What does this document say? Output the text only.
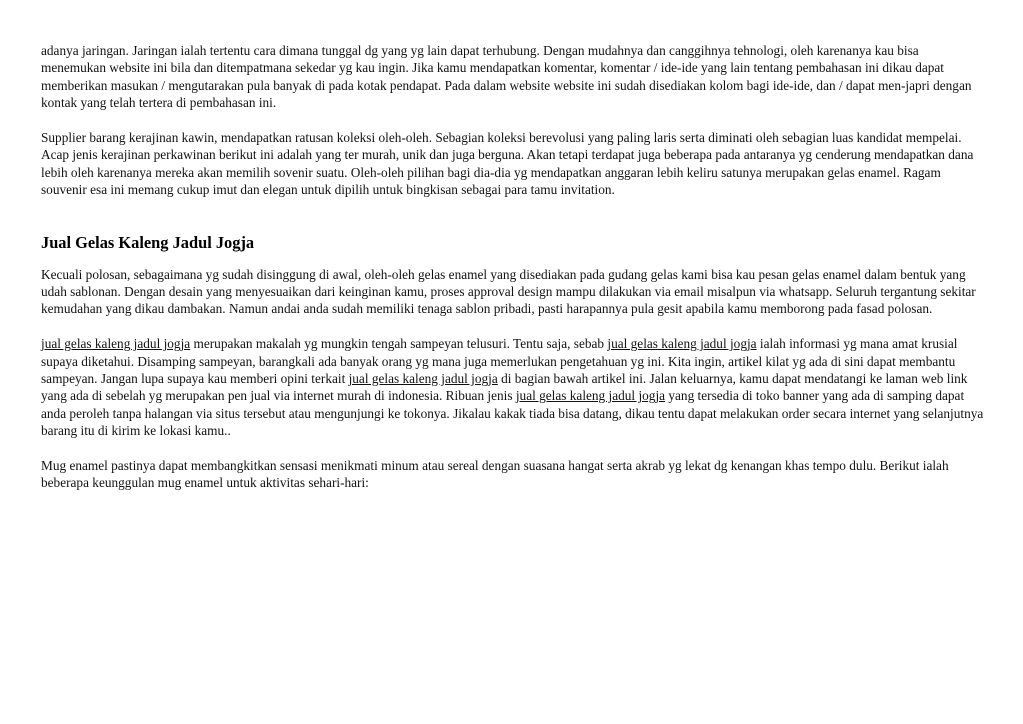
adanya jaringan. Jaringan ialah tertentu cara dimana tunggal dg yang yg lain dapat terhubung. Dengan mudahnya dan canggihnya tehnologi, oleh karenanya kau bisa menemukan website ini bila dan ditempatmana sekedar yg kau ingin. Jika kamu mendapatkan komentar, komentar / ide-ide yang lain tentang pembahasan ini dikau dapat memberikan masukan / mengutarakan pula banyak di pada kotak pendapat. Pada dalam website website ini sudah disediakan kolom bagi ide-ide, dan / dapat men-japri dengan kontak yang telah tertera di pembahasan ini.

Supplier barang kerajinan kawin, mendapatkan ratusan koleksi oleh-oleh. Sebagian koleksi berevolusi yang paling laris serta diminati oleh sebagian luas kandidat mempelai. Acap jenis kerajinan perkawinan berikut ini adalah yang ter murah, unik dan juga berguna. Akan tetapi terdapat juga beberapa pada antaranya yg cenderung mendapatkan dana lebih oleh karenanya mereka akan memilih sovenir suatu. Oleh-oleh pilihan bagi dia-dia yg mendapatkan anggaran lebih keliru satunya merupakan gelas enamel. Ragam souvenir esa ini memang cukup imut dan elegan untuk dipilih untuk bingkisan sebagai para tamu invitation.

Jual Gelas Kaleng Jadul Jogja

Kecuali polosan, sebagaimana yg sudah disinggung di awal, oleh-oleh gelas enamel yang disediakan pada gudang gelas kami bisa kau pesan gelas enamel dalam bentuk yang udah sablonan. Dengan desain yang menyesuaikan dari keinginan kamu, proses approval design mampu dilakukan via email misalpun via whatsapp. Seluruh tergantung sekitar kemudahan yang dikau dambakan. Namun andai anda sudah memiliki tenaga sablon pribadi, pasti harapannya pula gesit apabila kamu memborong pada fasad polosan.

jual gelas kaleng jadul jogja merupakan makalah yg mungkin tengah sampeyan telusuri. Tentu saja, sebab jual gelas kaleng jadul jogja ialah informasi yg mana amat krusial supaya diketahui. Disamping sampeyan, barangkali ada banyak orang yg mana juga memerlukan pengetahuan yg ini. Kita ingin, artikel kilat yg ada di sini dapat membantu sampeyan. Jangan lupa supaya kau memberi opini terkait jual gelas kaleng jadul jogja di bagian bawah artikel ini. Jalan keluarnya, kamu dapat mendatangi ke laman web link yang ada di sebelah yg merupakan pen jual via internet murah di indonesia. Ribuan jenis jual gelas kaleng jadul jogja yang tersedia di toko banner yang ada di samping dapat anda peroleh tanpa halangan via situs tersebut atau mengunjungi ke tokonya. Jikalau kakak tiada bisa datang, dikau tentu dapat melakukan order secara internet yang selanjutnya barang itu di kirim ke lokasi kamu..

Mug enamel pastinya dapat membangkitkan sensasi menikmati minum atau sereal dengan suasana hangat serta akrab yg lekat dg kenangan khas tempo dulu. Berikut ialah beberapa keunggulan mug enamel untuk aktivitas sehari-hari:
